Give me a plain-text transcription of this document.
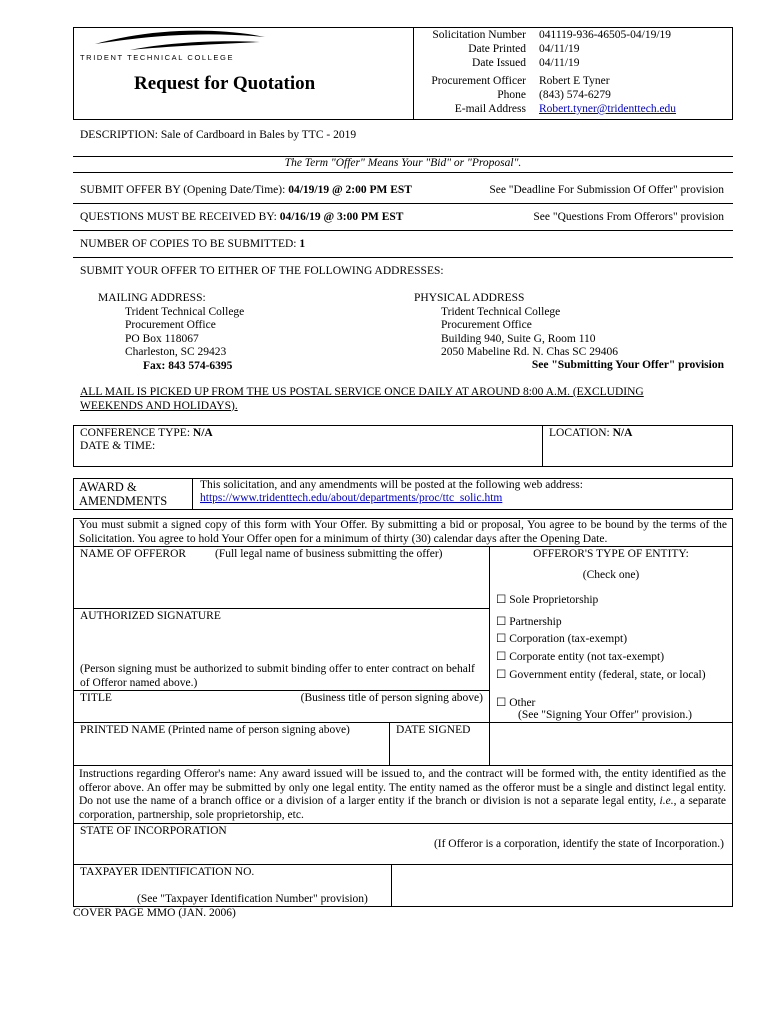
TRIDENT TECHNICAL COLLEGE
Request for Quotation
Solicitation Number 041119-936-46505-04/19/19
Date Printed 04/11/19
Date Issued 04/11/19
Procurement Officer Robert E Tyner
Phone (843) 574-6279
E-mail Address Robert.tyner@tridenttech.edu
DESCRIPTION: Sale of Cardboard in Bales by TTC - 2019
The Term "Offer" Means Your "Bid" or "Proposal".
SUBMIT OFFER BY (Opening Date/Time): 04/19/19 @ 2:00 PM EST	See "Deadline For Submission Of Offer" provision
QUESTIONS MUST BE RECEIVED BY: 04/16/19 @ 3:00 PM EST	See "Questions From Offerors" provision
NUMBER OF COPIES TO BE SUBMITTED: 1
SUBMIT YOUR OFFER TO EITHER OF THE FOLLOWING ADDRESSES:
MAILING ADDRESS:
Trident Technical College
Procurement Office
PO Box 118067
Charleston, SC 29423
Fax: 843 574-6395
PHYSICAL ADDRESS
Trident Technical College
Procurement Office
Building 940, Suite G, Room 110
2050 Mabeline Rd. N. Chas SC 29406
See "Submitting Your Offer" provision
ALL MAIL IS PICKED UP FROM THE US POSTAL SERVICE ONCE DAILY AT AROUND 8:00 A.M. (EXCLUDING WEEKENDS AND HOLIDAYS).
CONFERENCE TYPE: N/A
DATE & TIME:
LOCATION: N/A
AWARD &
AMENDMENTS
This solicitation, and any amendments will be posted at the following web address:
https://www.tridenttech.edu/about/departments/proc/ttc_solic.htm
You must submit a signed copy of this form with Your Offer. By submitting a bid or proposal, You agree to be bound by the terms of the Solicitation. You agree to hold Your Offer open for a minimum of thirty (30) calendar days after the Opening Date.
NAME OF OFFEROR	(Full legal name of business submitting the offer)
AUTHORIZED SIGNATURE
(Person signing must be authorized to submit binding offer to enter contract on behalf of Offeror named above.)
TITLE	(Business title of person signing above)
OFFEROR'S TYPE OF ENTITY:
(Check one)
☐ Sole Proprietorship
☐ Partnership
☐ Corporation (tax-exempt)
☐ Corporate entity (not tax-exempt)
☐ Government entity (federal, state, or local)
☐ Other
(See "Signing Your Offer" provision.)
PRINTED NAME (Printed name of person signing above)	DATE SIGNED
Instructions regarding Offeror's name: Any award issued will be issued to, and the contract will be formed with, the entity identified as the offeror above. An offer may be submitted by only one legal entity. The entity named as the offeror must be a single and distinct legal entity. Do not use the name of a branch office or a division of a larger entity if the branch or division is not a separate legal entity, i.e., a separate corporation, partnership, sole proprietorship, etc.
STATE OF INCORPORATION
(If Offeror is a corporation, identify the state of Incorporation.)
TAXPAYER IDENTIFICATION NO.
(See "Taxpayer Identification Number" provision)
COVER PAGE MMO (JAN. 2006)
